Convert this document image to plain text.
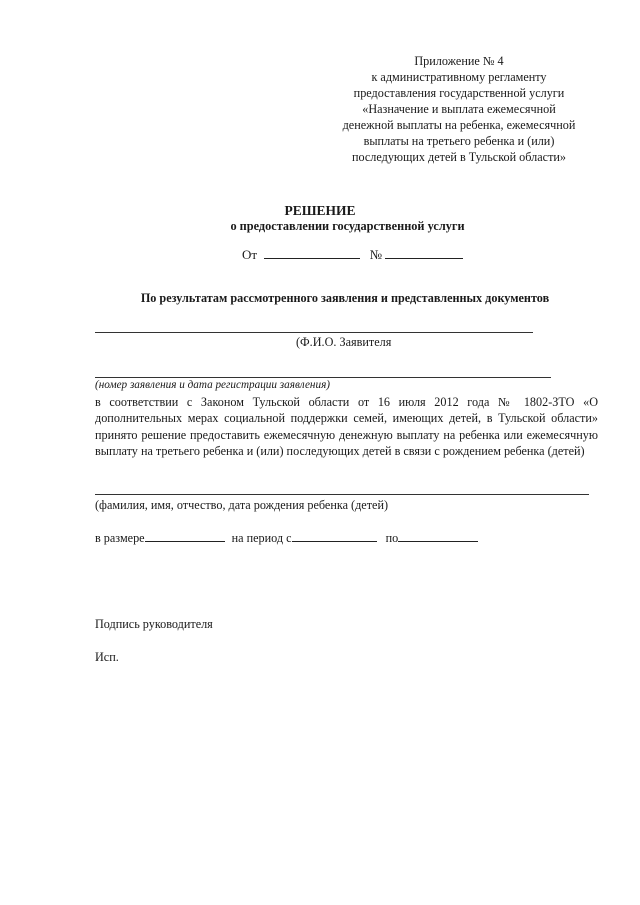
Приложение № 4
к административному регламенту
предоставления государственной услуги
«Назначение и выплата ежемесячной
денежной выплаты на ребенка, ежемесячной
выплаты на третьего ребенка и (или)
последующих детей в Тульской области»
РЕШЕНИЕ
о предоставлении государственной услуги
От	№
По результатам рассмотренного заявления и представленных документов
(Ф.И.О. Заявителя
(номер заявления и дата регистрации заявления)
в соответствии с Законом Тульской области от 16 июля 2012 года № 1802-ЗТО «О дополнительных мерах социальной поддержки семей, имеющих детей, в Тульской области» принято решение предоставить ежемесячную денежную выплату на ребенка или ежемесячную выплату на третьего ребенка и (или) последующих детей в связи с рождением ребенка (детей)
(фамилия, имя, отчество, дата рождения ребенка (детей)
в размере	на период с	по
Подпись руководителя
Исп.
